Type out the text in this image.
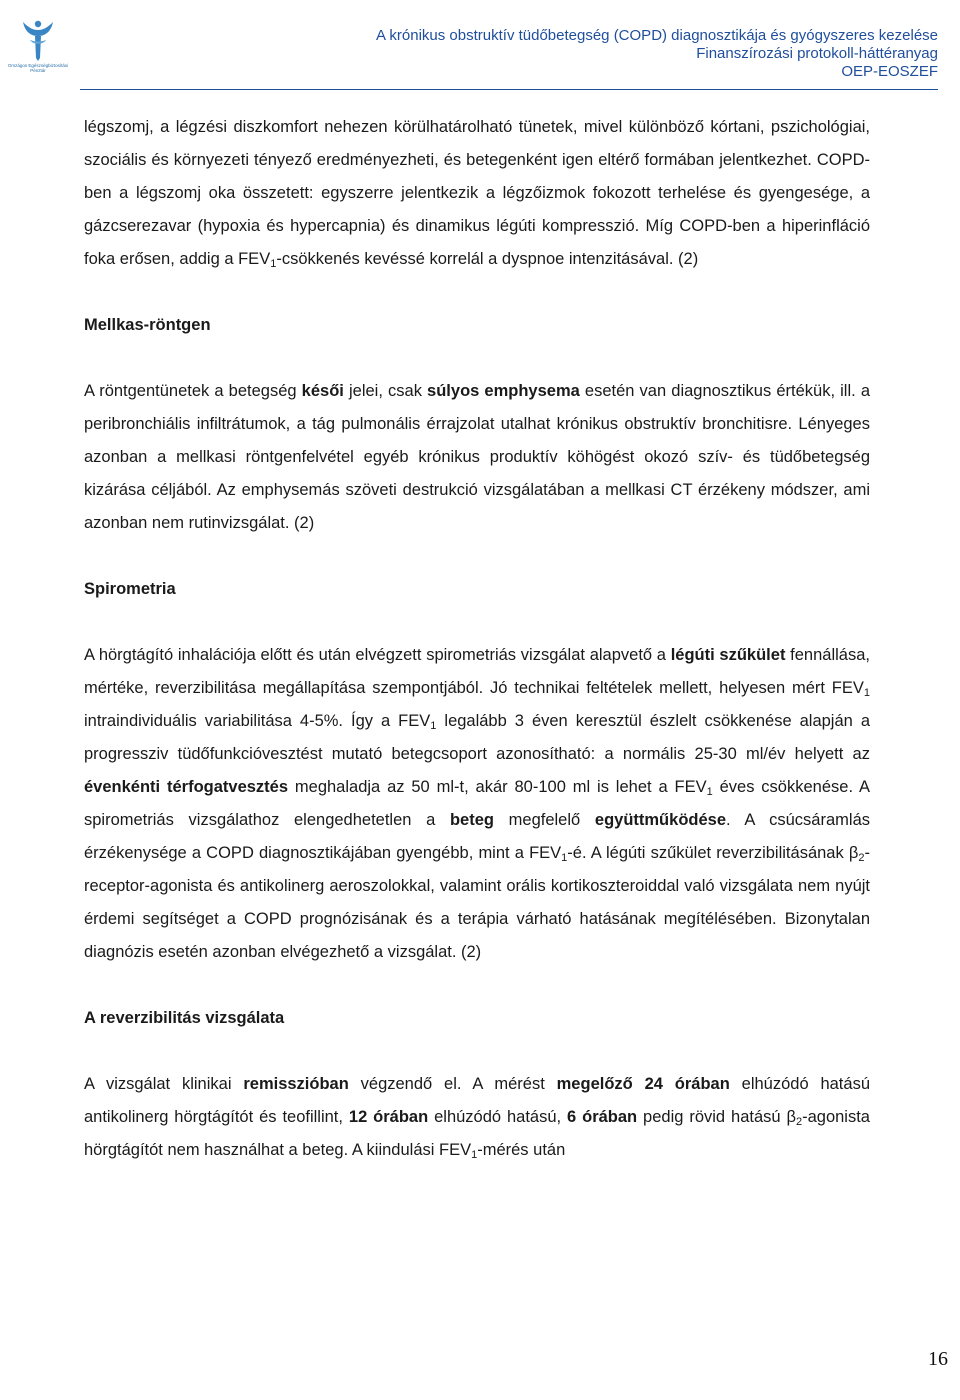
Országos Egészségbiztosítási Pénztár
A krónikus obstruktív tüdőbetegség (COPD) diagnosztikája és gyógyszeres kezelése
Finanszírozási protokoll-háttéranyag
OEP-EOSZEF

légszomj, a légzési diszkomfort nehezen körülhatárolható tünetek, mivel különböző kórtani, pszichológiai, szociális és környezeti tényező eredményezheti, és betegenként igen eltérő formában jelentkezhet. COPD-ben a légszomj oka összetett: egyszerre jelentkezik a légzőizmok fokozott terhelése és gyengesége, a gázcserezavar (hypoxia és hypercapnia) és dinamikus légúti kompresszió. Míg COPD-ben a hiperinfláció foka erősen, addig a $FEV_1$-csökkenés kevéssé korrelál a dyspnoe intenzitásával. (2)

Mellkas-röntgen

A röntgentünetek a betegség késői jelei, csak súlyos emphysema esetén van diagnosztikus értékük, ill. a peribronchiális infiltrátumok, a tág pulmonális érrajzolat utalhat krónikus obstruktív bronchitisre. Lényeges azonban a mellkasi röntgenfelvétel egyéb krónikus produktív köhögést okozó szív- és tüdőbetegség kizárása céljából. Az emphysemás szöveti destrukció vizsgálatában a mellkasi CT érzékeny módszer, ami azonban nem rutinvizsgálat. (2)

Spirometria

A hörgtágító inhalációja előtt és után elvégzett spirometriás vizsgálat alapvető a légúti szűkület fennállása, mértéke, reverzibilitása megállapítása szempontjából. Jó technikai feltételek mellett, helyesen mért $FEV_1$ intraindividuális variabilitása 4-5%. Így a $FEV_1$ legalább 3 éven keresztül észlelt csökkenése alapján a progressziv tüdőfunkcióvesztést mutató betegcsoport azonosítható: a normális 25-30 ml/év helyett az évenkénti térfogatvesztés meghaladja az 50 ml-t, akár 80-100 ml is lehet a $FEV_1$ éves csökkenése. A spirometriás vizsgálathoz elengedhetetlen a beteg megfelelő együttműködése. A csúcsáramlás érzékenysége a COPD diagnosztikájában gyengébb, mint a $FEV_1-é$. A légúti szűkület reverzibilitásának $\beta_2-receptor$-agonista és antikolinerg aeroszolokkal, valamint orális kortikoszteroiddal való vizsgálata nem nyújt érdemi segítséget a COPD prognózisának és a terápia várható hatásának megítélésében. Bizonytalan diagnózis esetén azonban elvégezhető a vizsgálat. (2)

A reverzibilitás vizsgálata

A vizsgálat klinikai remisszióban végzendő el. A mérést megelőző 24 órában elhúzódó hatású antikolinerg hörgtágítót és teofillint, 12 órában elhúzódó hatású, 6 órában pedig rövid hatású $\beta_2$-agonista hörgtágítót nem használhat a beteg. A kiindulási $FEV_1$-mérés után

16
